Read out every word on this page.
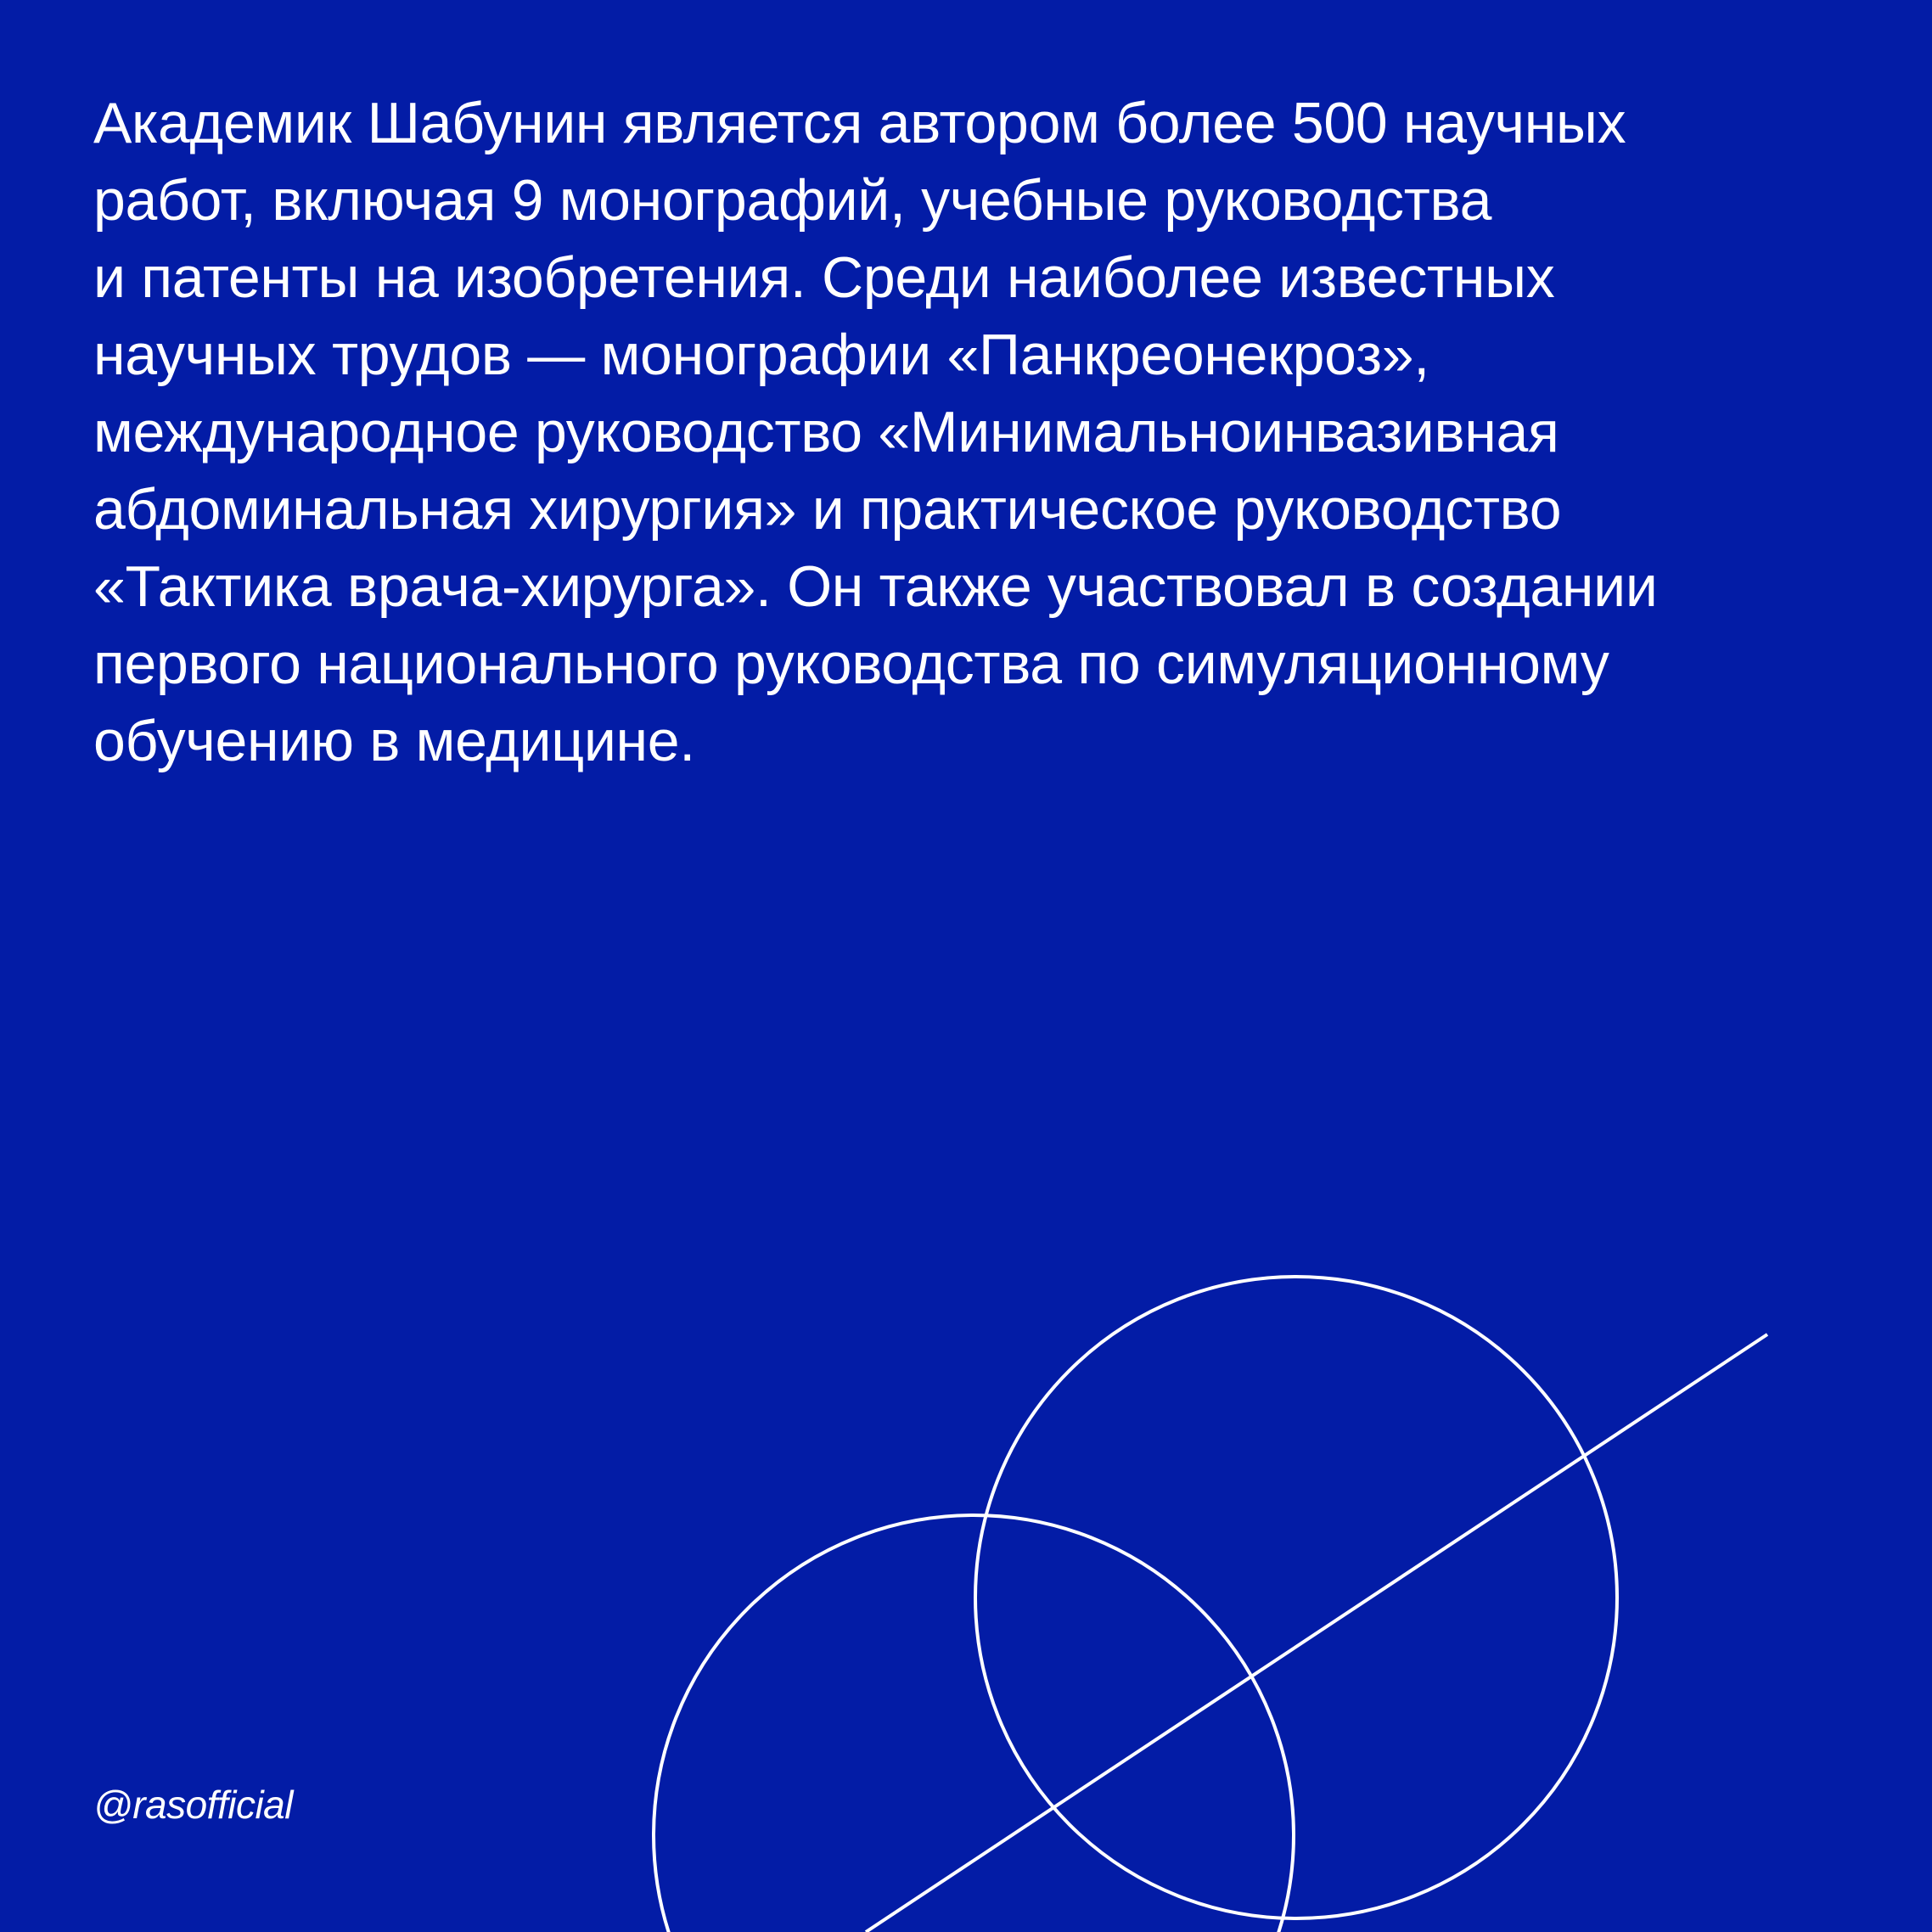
Академик Шабунин является автором более 500 научных
работ, включая 9 монографий, учебные руководства
и патенты на изобретения. Среди наиболее известных
научных трудов — монографии «Панкреонекроз»,
международное руководство «Минимальноинвазивная
абдоминальная хирургия» и практическое руководство
«Тактика врача-хирурга». Он также участвовал в создании
первого национального руководства по симуляционному
обучению в медицине.

@rasofficial
